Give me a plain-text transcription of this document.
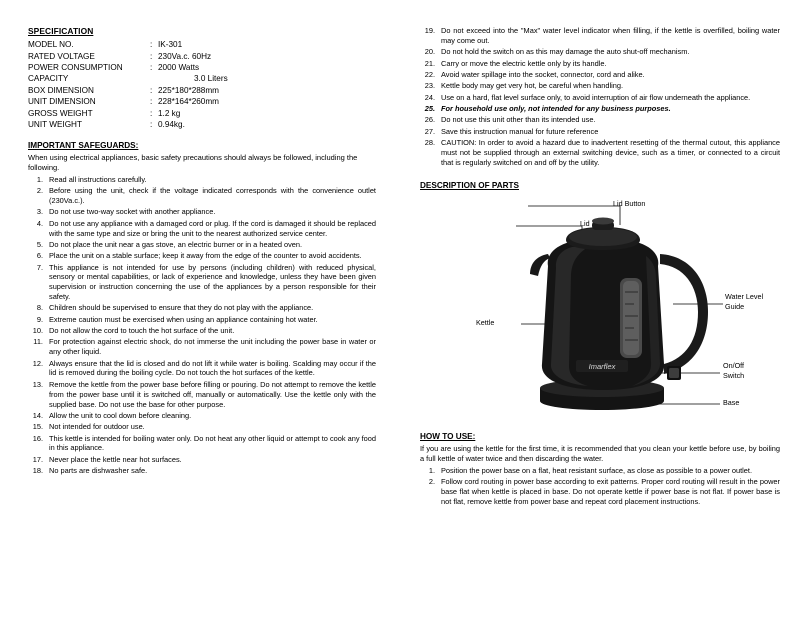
SPECIFICATION
MODEL NO.	:	IK-301
RATED VOLTAGE	:	230Va.c. 60Hz
POWER CONSUMPTION	:	2000 Watts
CAPACITY		3.0 Liters
BOX DIMENSION	:	225*180*288mm
UNIT DIMENSION	:	228*164*260mm
GROSS WEIGHT	:	1.2 kg
UNIT WEIGHT	:	0.94kg.
IMPORTANT SAFEGUARDS:
When using electrical appliances, basic safety precautions should always be followed, including the following.
1. Read all instructions carefully.
2. Before using the unit, check if the voltage indicated corresponds with the convenience outlet (230Va.c.).
3. Do not use two-way socket with another appliance.
4. Do not use any appliance with a damaged cord or plug. If the cord is damaged it should be replaced with the same type and size or bring the unit to the nearest authorized service center.
5. Do not place the unit near a gas stove, an electric burner or in a heated oven.
6. Place the unit on a stable surface; keep it away from the edge of the counter to avoid accidents.
7. This appliance is not intended for use by persons (including children) with reduced physical, sensory or mental capabilities, or lack of experience and knowledge, unless they have been given supervision or instruction concerning the use of the appliances by a person responsible for their safety.
8. Children should be supervised to ensure that they do not play with the appliance.
9. Extreme caution must be exercised when using an appliance containing hot water.
10. Do not allow the cord to touch the hot surface of the unit.
11. For protection against electric shock, do not immerse the unit including the power base in water or any other liquid.
12. Always ensure that the lid is closed and do not lift it while water is boiling. Scalding may occur if the lid is removed during the boiling cycle. Do not touch the hot surfaces of the kettle.
13. Remove the kettle from the power base before filling or pouring. Do not attempt to remove the kettle from the power base until it is switched off, manually or automatically. Use the kettle only with the supplied base. Do not use the base for other purpose.
14. Allow the unit to cool down before cleaning.
15. Not intended for outdoor use.
16. This kettle is intended for boiling water only. Do not heat any other liquid or attempt to cook any food in this appliance.
17. Never place the kettle near hot surfaces.
18. No parts are dishwasher safe.
19. Do not exceed into the "Max" water level indicator when filling, if the kettle is overfilled, boiling water may come out.
20. Do not hold the switch on as this may damage the auto shut-off mechanism.
21. Carry or move the electric kettle only by its handle.
22. Avoid water spillage into the socket, connector, cord and alike.
23. Kettle body may get very hot, be careful when handling.
24. Use on a hard, flat level surface only, to avoid interruption of air flow underneath the appliance.
25. For household use only, not intended for any business purposes.
26. Do not use this unit other than its intended use.
27. Save this instruction manual for future reference
28. CAUTION: In order to avoid a hazard due to inadvertent resetting of the thermal cutout, this appliance must not be supplied through an external switching device, such as a timer, or connected to a circuit that is regularly switched on and off by the utility.
DESCRIPTION OF PARTS
Imarflex
Lid Button
Lid
Kettle
Water Level
Guide
On/Off
Switch
Base
HOW TO USE:
If you are using the kettle for the first time, it is recommended that you clean your kettle before use, by boiling a full kettle of water twice and then discarding the water.
1. Position the power base on a flat, heat resistant surface, as close as possible to a power outlet.
2. Follow cord routing in power base according to exit patterns. Proper cord routing will result in the power base flat when kettle is placed in base. Do not operate kettle if power base is not flat. If power base is not flat, remove kettle from power base and repeat cord placement instructions.
